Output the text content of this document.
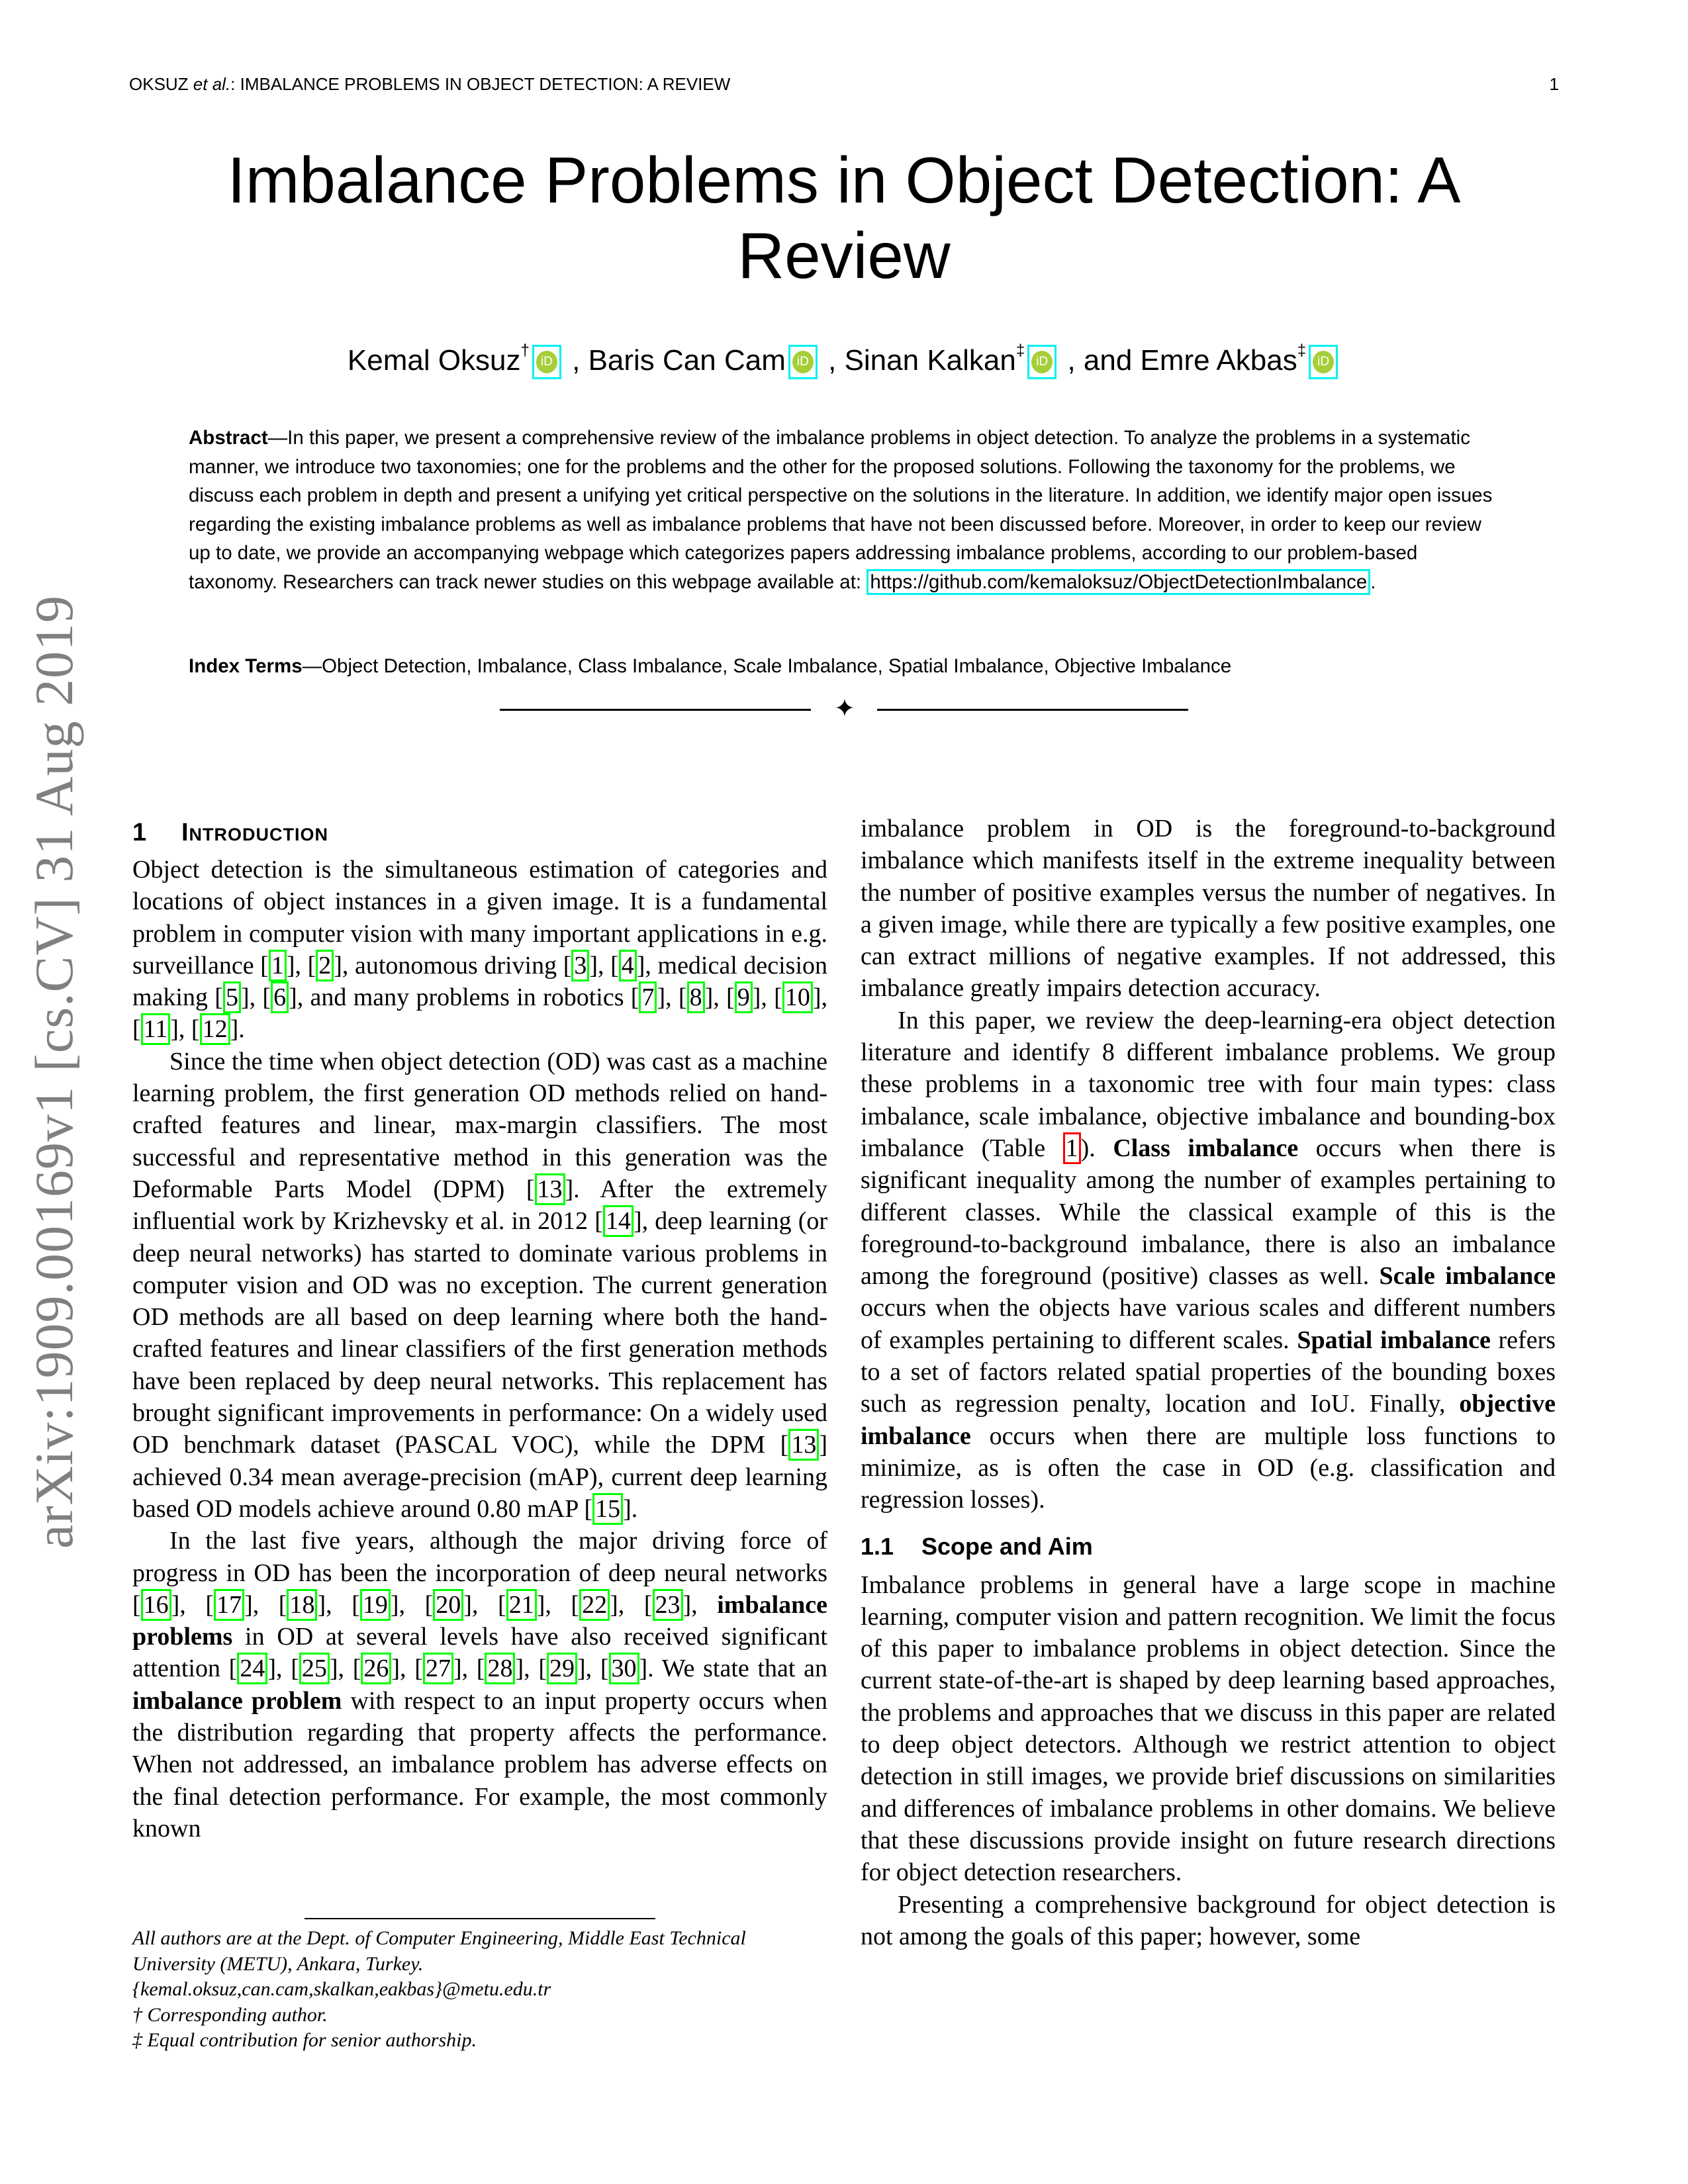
OKSUZ et al.: IMBALANCE PROBLEMS IN OBJECT DETECTION: A REVIEW	1
arXiv:1909.00169v1 [cs.CV] 31 Aug 2019
Imbalance Problems in Object Detection: A Review
Kemal Oksuz†
iD , Baris Can Cam iD , Sinan Kalkan‡
iD , and Emre Akbas‡
iD
Abstract—In this paper, we present a comprehensive review of the imbalance problems in object detection. To analyze the problems in a systematic manner, we introduce two taxonomies; one for the problems and the other for the proposed solutions. Following the taxonomy for the problems, we discuss each problem in depth and present a unifying yet critical perspective on the solutions in the literature. In addition, we identify major open issues regarding the existing imbalance problems as well as imbalance problems that have not been discussed before. Moreover, in order to keep our review up to date, we provide an accompanying webpage which categorizes papers addressing imbalance problems, according to our problem-based taxonomy. Researchers can track newer studies on this webpage available at: https://github.com/kemaloksuz/ObjectDetectionImbalance .
Index Terms—Object Detection, Imbalance, Class Imbalance, Scale Imbalance, Spatial Imbalance, Objective Imbalance
✦
1 Introduction

Object detection is the simultaneous estimation of categories and locations of object instances in a given image. It is a fundamental problem in computer vision with many important applications in e.g. surveillance [ 1 ], [ 2 ], autonomous driving [ 3 ], [ 4 ], medical decision making [ 5 ], [ 6 ], and many problems in robotics [ 7 ], [ 8 ], [ 9 ], [ 10 ], [ 11 ], [ 12 ].

Since the time when object detection (OD) was cast as a machine learning problem, the first generation OD methods relied on hand-crafted features and linear, max-margin classifiers. The most successful and representative method in this generation was the Deformable Parts Model (DPM) [ 13 ]. After the extremely influential work by Krizhevsky et al. in 2012 [ 14 ], deep learning (or deep neural networks) has started to dominate various problems in computer vision and OD was no exception. The current generation OD methods are all based on deep learning where both the hand-crafted features and linear classifiers of the first generation methods have been replaced by deep neural networks. This replacement has brought significant improvements in performance: On a widely used OD benchmark dataset (PASCAL VOC), while the DPM [ 13 ] achieved 0.34 mean average-precision (mAP), current deep learning based OD models achieve around 0.80 mAP [ 15 ].

In the last five years, although the major driving force of progress in OD has been the incorporation of deep neural networks [ 16 ], [ 17 ], [ 18 ], [ 19 ], [ 20 ], [ 21 ], [ 22 ], [ 23 ], imbalance problems in OD at several levels have also received significant attention [ 24 ], [ 25 ], [ 26 ], [ 27 ], [ 28 ], [ 29 ], [ 30 ]. We state that an imbalance problem with respect to an input property occurs when the distribution regarding that property affects the performance. When not addressed, an imbalance problem has adverse effects on the final detection performance. For example, the most commonly known

All authors are at the Dept. of Computer Engineering, Middle East Technical
University (METU), Ankara, Turkey.
{kemal.oksuz,can.cam,skalkan,eakbas}@metu.edu.tr
† Corresponding author.
‡ Equal contribution for senior authorship.

imbalance problem in OD is the foreground-to-background imbalance which manifests itself in the extreme inequality between the number of positive examples versus the number of negatives. In a given image, while there are typically a few positive examples, one can extract millions of negative examples. If not addressed, this imbalance greatly impairs detection accuracy.

In this paper, we review the deep-learning-era object detection literature and identify 8 different imbalance problems. We group these problems in a taxonomic tree with four main types: class imbalance, scale imbalance, objective imbalance and bounding-box imbalance (Table 1 ). Class imbalance occurs when there is significant inequality among the number of examples pertaining to different classes. While the classical example of this is the foreground-to-background imbalance, there is also an imbalance among the foreground (positive) classes as well. Scale imbalance occurs when the objects have various scales and different numbers of examples pertaining to different scales. Spatial imbalance refers to a set of factors related spatial properties of the bounding boxes such as regression penalty, location and IoU. Finally, objective imbalance occurs when there are multiple loss functions to minimize, as is often the case in OD (e.g. classification and regression losses).

1.1 Scope and Aim

Imbalance problems in general have a large scope in machine learning, computer vision and pattern recognition. We limit the focus of this paper to imbalance problems in object detection. Since the current state-of-the-art is shaped by deep learning based approaches, the problems and approaches that we discuss in this paper are related to deep object detectors. Although we restrict attention to object detection in still images, we provide brief discussions on similarities and differences of imbalance problems in other domains. We believe that these discussions provide insight on future research directions for object detection researchers.

Presenting a comprehensive background for object detection is not among the goals of this paper; however, some
